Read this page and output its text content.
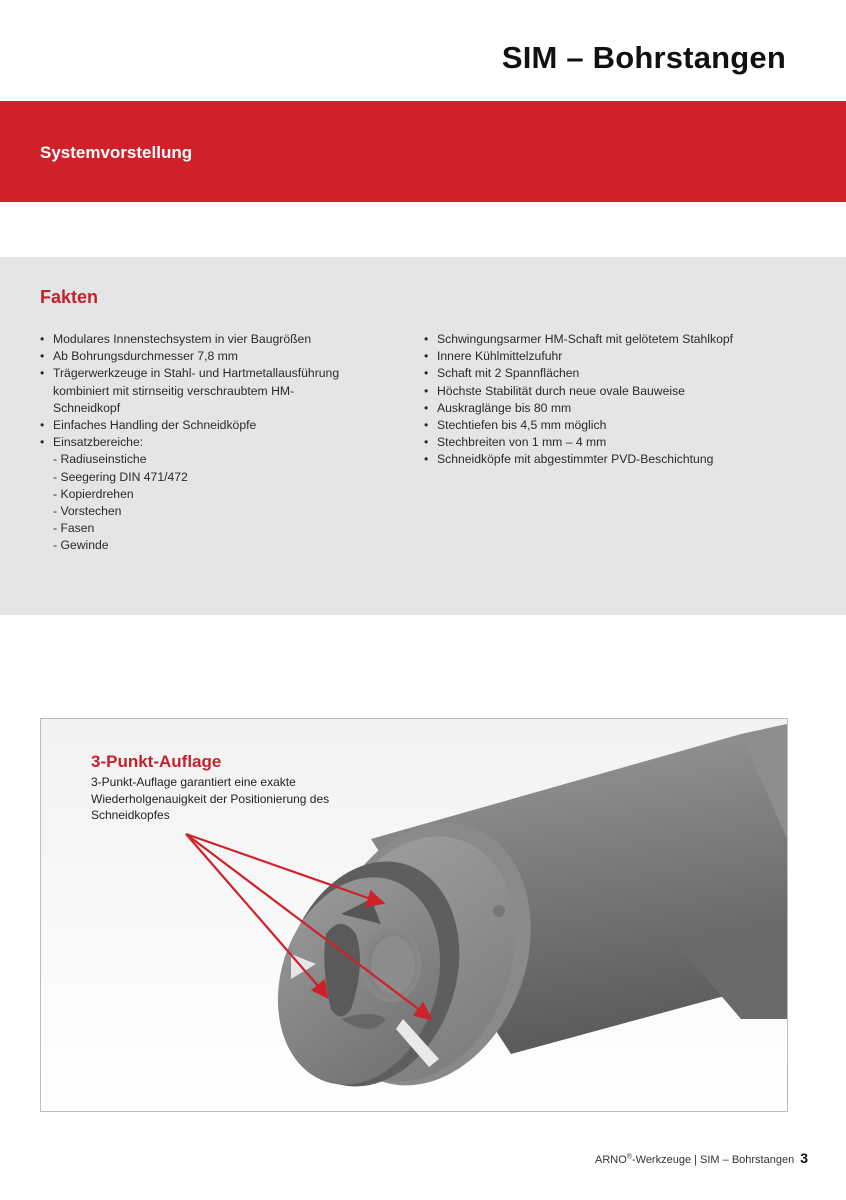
SIM – Bohrstangen
Systemvorstellung
Fakten
• Modulares Innenstechsystem in vier Baugrößen
• Ab Bohrungsdurchmesser 7,8 mm
• Trägerwerkzeuge in Stahl- und Hartmetallausführung kombiniert mit stirnseitig verschraubtem HM-Schneidkopf
• Einfaches Handling der Schneidköpfe
• Einsatzbereiche:
- Radiuseinstiche
- Seegering DIN 471/472
- Kopierdrehen
- Vorstechen
- Fasen
- Gewinde
• Schwingungsarmer HM-Schaft mit gelötetem Stahlkopf
• Innere Kühlmittelzufuhr
• Schaft mit 2 Spannflächen
• Höchste Stabilität durch neue ovale Bauweise
• Auskraglänge bis 80 mm
• Stechtiefen bis 4,5 mm möglich
• Stechbreiten von 1 mm – 4 mm
• Schneidköpfe mit abgestimmter PVD-Beschichtung
3-Punkt-Auflage
3-Punkt-Auflage garantiert eine exakte Wiederholgenauigkeit der Positionierung des Schneidkopfes
ARNO®-Werkzeuge | SIM – Bohrstangen 3
